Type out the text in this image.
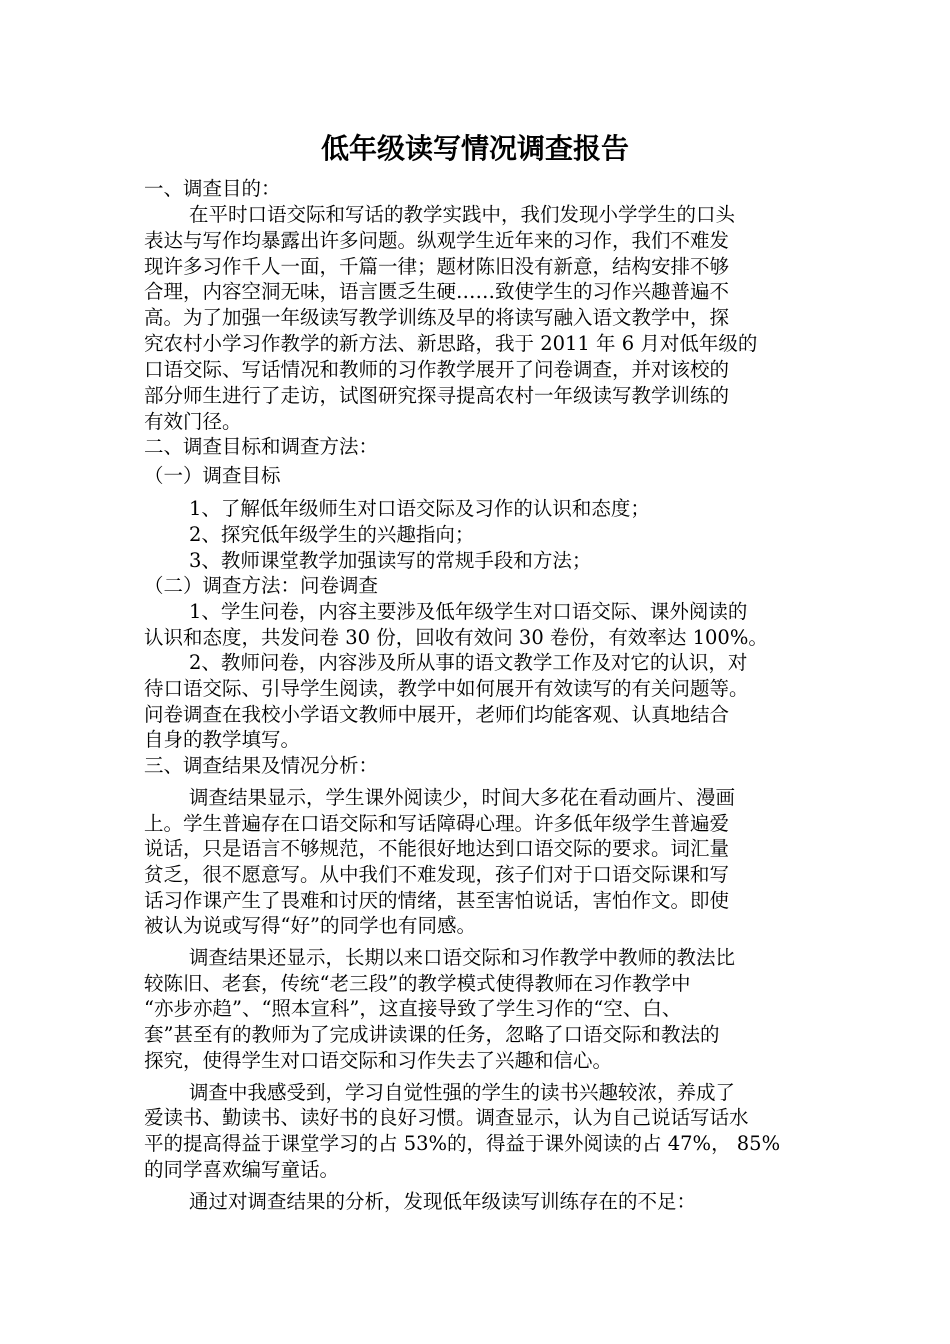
低年级读写情况调查报告
一、调查目的：
在平时口语交际和写话的教学实践中，我们发现小学学生的口头
表达与写作均暴露出许多问题。纵观学生近年来的习作，我们不难发
现许多习作千人一面，千篇一律；题材陈旧没有新意，结构安排不够
合理，内容空洞无味，语言匮乏生硬……致使学生的习作兴趣普遍不
高。为了加强一年级读写教学训练及早的将读写融入语文教学中，探
究农村小学习作教学的新方法、新思路，我于 2011 年 6 月对低年级的
口语交际、写话情况和教师的习作教学展开了问卷调查，并对该校的
部分师生进行了走访，试图研究探寻提高农村一年级读写教学训练的
有效门径。
二、调查目标和调查方法：
（一）调查目标
1、了解低年级师生对口语交际及习作的认识和态度；
2、探究低年级学生的兴趣指向；
3、教师课堂教学加强读写的常规手段和方法；
（二）调查方法：问卷调查
1、学生问卷，内容主要涉及低年级学生对口语交际、课外阅读的
认识和态度，共发问卷 30 份，回收有效问 30 卷份，有效率达 100%。
2、教师问卷，内容涉及所从事的语文教学工作及对它的认识，对
待口语交际、引导学生阅读，教学中如何展开有效读写的有关问题等。
问卷调查在我校小学语文教师中展开，老师们均能客观、认真地结合
自身的教学填写。
三、调查结果及情况分析：
调查结果显示，学生课外阅读少，时间大多花在看动画片、漫画
上。学生普遍存在口语交际和写话障碍心理。许多低年级学生普遍爱
说话，只是语言不够规范，不能很好地达到口语交际的要求。词汇量
贫乏，很不愿意写。从中我们不难发现，孩子们对于口语交际课和写
话习作课产生了畏难和讨厌的情绪，甚至害怕说话，害怕作文。即使
被认为说或写得“好”的同学也有同感。
调查结果还显示，长期以来口语交际和习作教学中教师的教法比
较陈旧、老套，传统“老三段”的教学模式使得教师在习作教学中
“亦步亦趋”、“照本宣科”，这直接导致了学生习作的“空、白、
套”甚至有的教师为了完成讲读课的任务，忽略了口语交际和教法的
探究，使得学生对口语交际和习作失去了兴趣和信心。
调查中我感受到，学习自觉性强的学生的读书兴趣较浓，养成了
爱读书、勤读书、读好书的良好习惯。调查显示，认为自己说话写话水
平的提高得益于课堂学习的占 53%的，得益于课外阅读的占 47%， 85%
的同学喜欢编写童话。
通过对调查结果的分析，发现低年级读写训练存在的不足：
